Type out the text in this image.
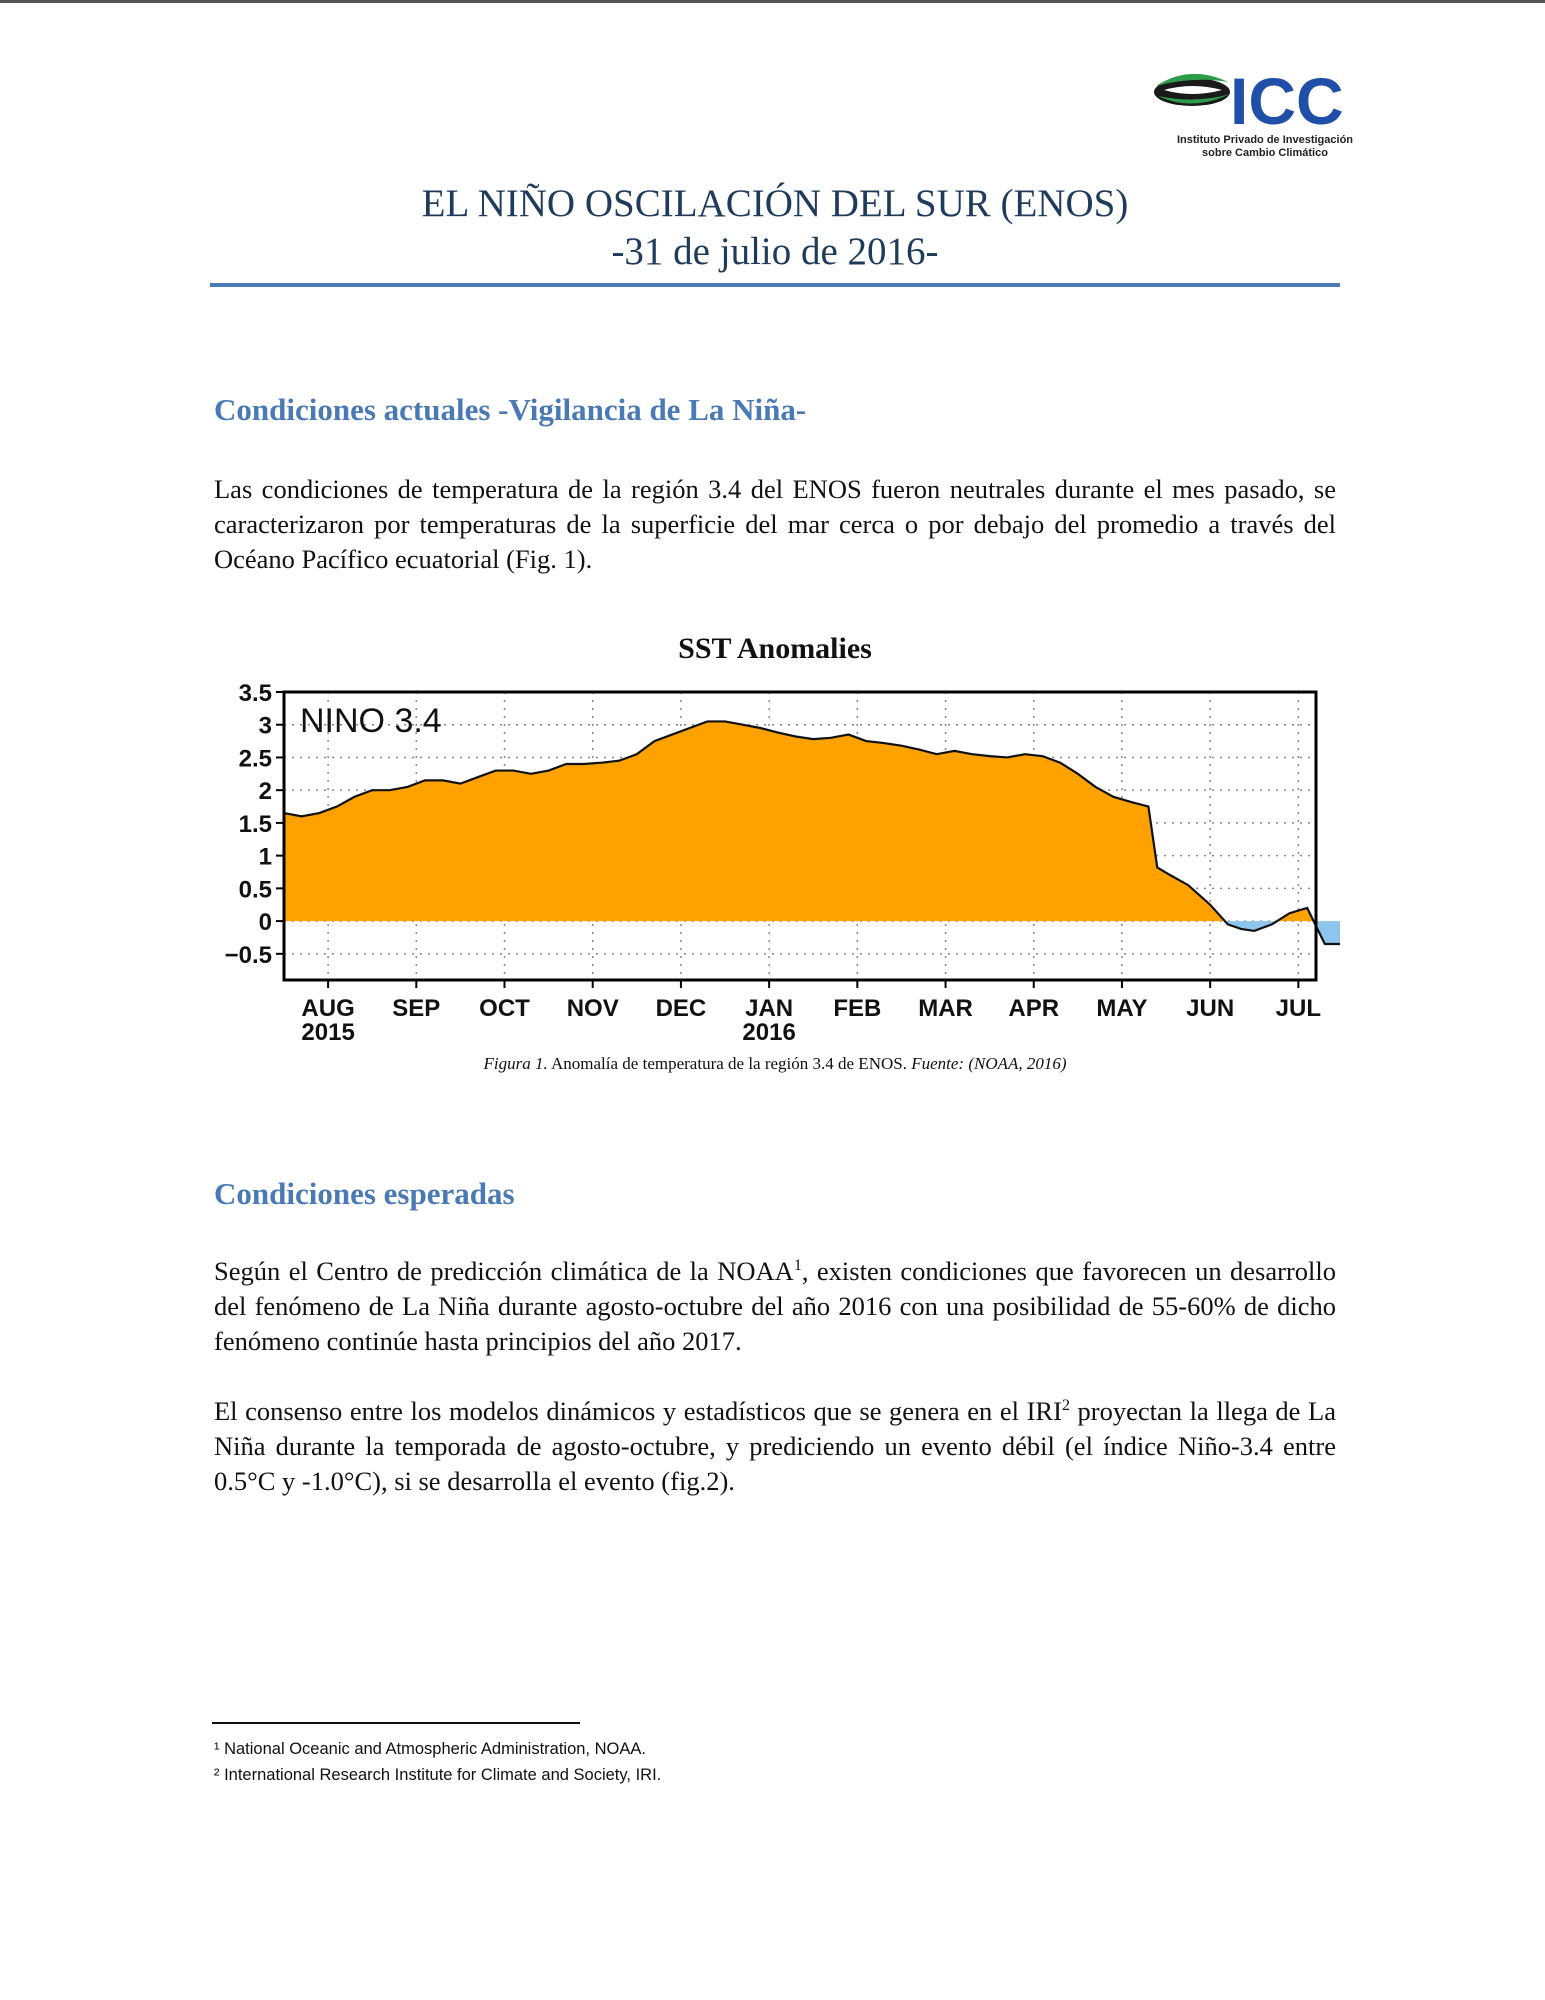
ICC
Instituto Privado de Investigación
sobre Cambio Climático
EL NIÑO OSCILACIÓN DEL SUR (ENOS)
-31 de julio de 2016-
Condiciones actuales -Vigilancia de La Niña-
Las condiciones de temperatura de la región 3.4 del ENOS fueron neutrales durante el mes pasado, se caracterizaron por temperaturas de la superficie del mar cerca o por debajo del promedio a través del Océano Pacífico ecuatorial (Fig. 1).
SST Anomalies
3.5
3
2.5
2
1.5
1
0.5
0
−0.5
AUG SEP OCT NOV DEC JAN FEB MAR APR MAY JUN JUL
2015	2016
NINO 3.4
Figura 1. Anomalía de temperatura de la región 3.4 de ENOS. Fuente: (NOAA, 2016)
Condiciones esperadas
Según el Centro de predicción climática de la NOAA$^1$, existen condiciones que favorecen un desarrollo del fenómeno de La Niña durante agosto-octubre del año 2016 con una posibilidad de 55-60% de dicho fenómeno continúe hasta principios del año 2017.
El consenso entre los modelos dinámicos y estadísticos que se genera en el IRI$^2$ proyectan la llega de La Niña durante la temporada de agosto-octubre, y prediciendo un evento débil (el índice Niño-3.4 entre 0.5°C y -1.0°C), si se desarrolla el evento (fig.2).
¹ National Oceanic and Atmospheric Administration, NOAA.
² International Research Institute for Climate and Society, IRI.
